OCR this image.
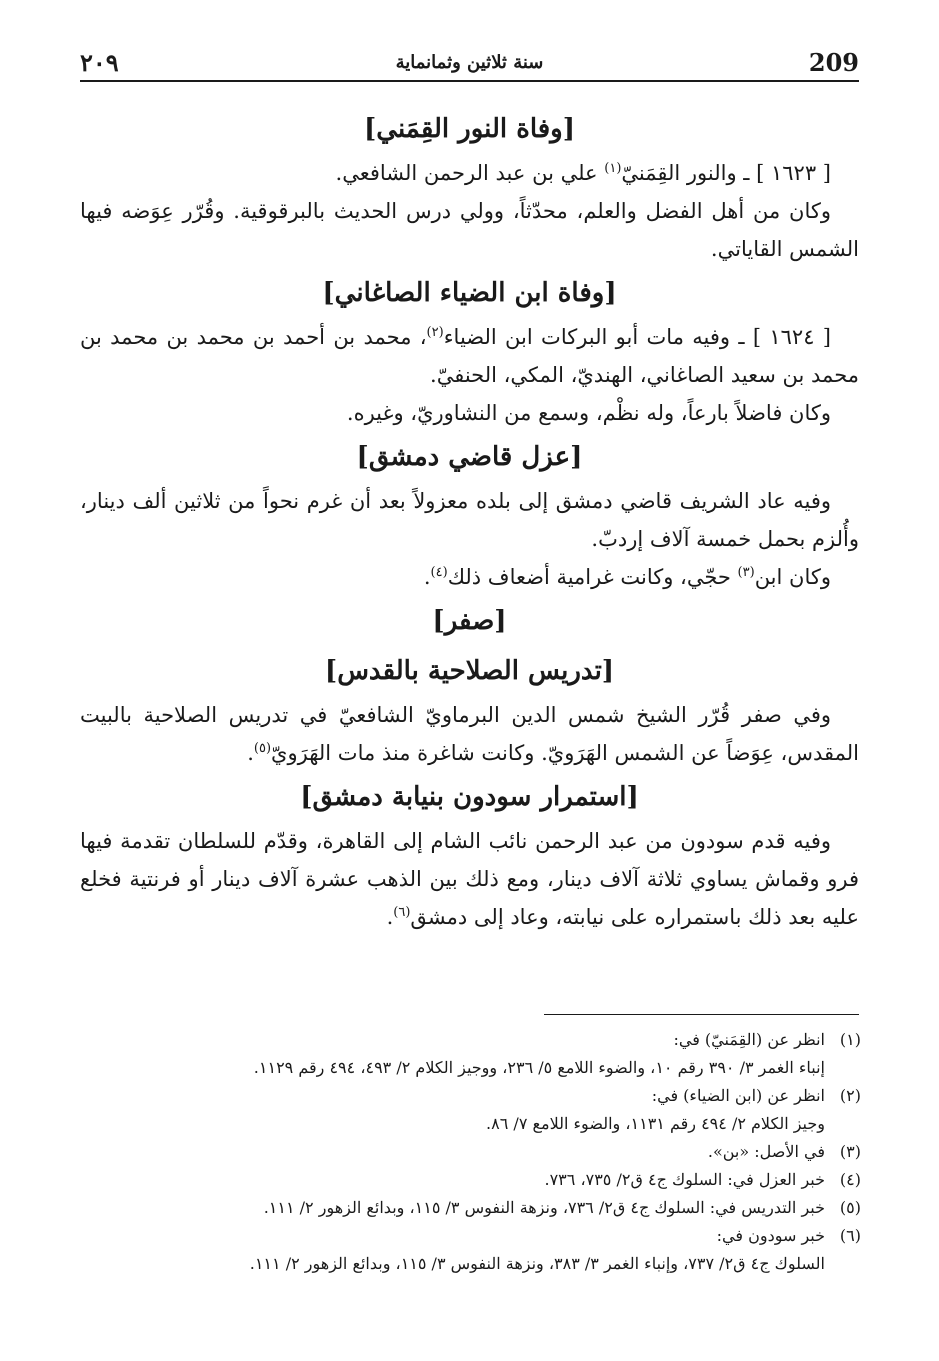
209
سنة ثلاثين وثمانماية
٢٠٩
[وفاة النور القِمَني]

[ ١٦٢٣ ] ـ والنور القِمَنيّ$^{(١)}$ علي بن عبد الرحمن الشافعي.

وكان من أهل الفضل والعلم، محدّثاً، وولي درس الحديث بالبرقوقية. وقُرّر عِوَضه فيها الشمس القاياتي.

[وفاة ابن الضياء الصاغاني]

[ ١٦٢٤ ] ـ وفيه مات أبو البركات ابن الضياء$^{(٢)}$، محمد بن أحمد بن محمد بن محمد بن محمد بن سعيد الصاغاني، الهنديّ، المكي، الحنفيّ.

وكان فاضلاً بارعاً، وله نظْم، وسمع من النشاوريّ، وغيره.

[عزل قاضي دمشق]

وفيه عاد الشريف قاضي دمشق إلى بلده معزولاً بعد أن غرم نحواً من ثلاثين ألف دينار، وأُلزم بحمل خمسة آلاف إردبّ.

وكان ابن$^{(٣)}$ حجّي، وكانت غرامية أضعاف ذلك$^{(٤)}$.

[صفر]
[تدريس الصلاحية بالقدس]

وفي صفر قُرّر الشيخ شمس الدين البرماويّ الشافعيّ في تدريس الصلاحية بالبيت المقدس، عِوَضاً عن الشمس الهَرَويّ. وكانت شاغرة منذ مات الهَرَويّ$^{(٥)}$.

[استمرار سودون بنيابة دمشق]

وفيه قدم سودون من عبد الرحمن نائب الشام إلى القاهرة، وقدّم للسلطان تقدمة فيها فرو وقماش يساوي ثلاثة آلاف دينار، ومع ذلك بين الذهب عشرة آلاف دينار أو فرنتية فخلع عليه بعد ذلك باستمراره على نيابته، وعاد إلى دمشق$^{(٦)}$.

(١)
انظر عن (القِمَنيّ) في:
إنباء الغمر ٣/ ٣٩٠ رقم ١٠، والضوء اللامع ٥/ ٢٣٦، ووجيز الكلام ٢/ ٤٩٣، ٤٩٤ رقم ١١٢٩.
(٢)
انظر عن (ابن الضياء) في:
وجيز الكلام ٢/ ٤٩٤ رقم ١١٣١، والضوء اللامع ٧/ ٨٦.
(٣)
في الأصل: «بن».
(٤)
خبر العزل في: السلوك ج٤ ق٢/ ٧٣٥، ٧٣٦.
(٥)
خبر التدريس في: السلوك ج٤ ق٢/ ٧٣٦، ونزهة النفوس ٣/ ١١٥، وبدائع الزهور ٢/ ١١١.
(٦)
خبر سودون في:
السلوك ج٤ ق٢/ ٧٣٧، وإنباء الغمر ٣/ ٣٨٣، ونزهة النفوس ٣/ ١١٥، وبدائع الزهور ٢/ ١١١.
